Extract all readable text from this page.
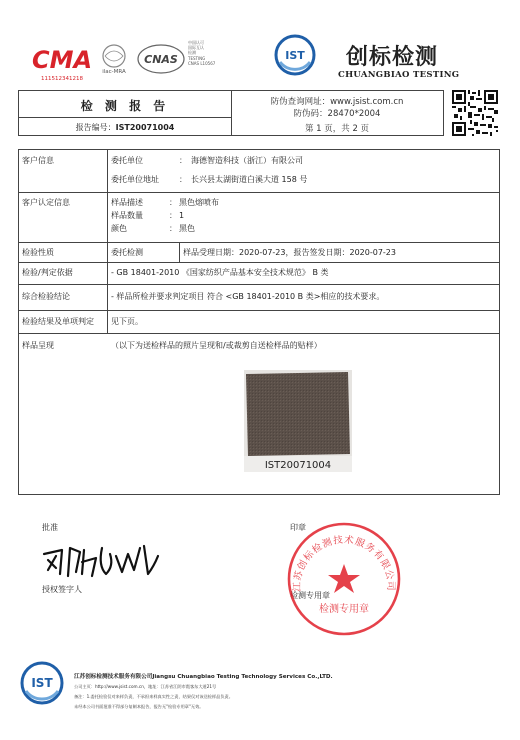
CMA
111512341218
ilac-MRA
CNAS
中国认可
国际互认
检测
TESTING
CNAS L10567
IST 创标检测
CHUANGBIAO TESTING
检 测 报 告
报告编号：IST20071004
防伪查询网址：www.jsist.com.cn
防伪码：28470*2004
第 1 页，共 2 页
客户信息	委托单位	： 海德智造科技（浙江）有限公司
委托单位地址	： 长兴县太湖街道白溪大道 158 号
客户认定信息	样品描述	： 黑色熔喷布
样品数量	： 1
颜色	： 黑色
检验性质	委托检测	样品受理日期：2020-07-23，报告签发日期：2020-07-23
检验/判定依据	- GB 18401-2010 《国家纺织产品基本安全技术规范》 B 类
综合检验结论	- 样品所检并要求判定项目 符合 <GB 18401-2010 B 类>相应的技术要求。
检验结果及单项判定 见下页。
样品呈现	（以下为送检样品的照片呈现和/或裁剪自送检样品的贴样）
IST20071004
批准
授权签字人
印章
检测专用章
江苏创标检测技术服务有限公司
检测专用章
IST	江苏创标检测技术服务有限公司Jiangsu Chuangbiao Testing Technology Services Co.,LTD.
公司主页：http://www.jsist.com.cn，地址：江苏省江阴市霞客东大道21号
备注：1.委托检验仅对来样负责，不承担来样真实性之责，结果仅对该送检样品负责。
未经本公司书面批准不得部分复制本报告，报告无"检验专用章"无效。
